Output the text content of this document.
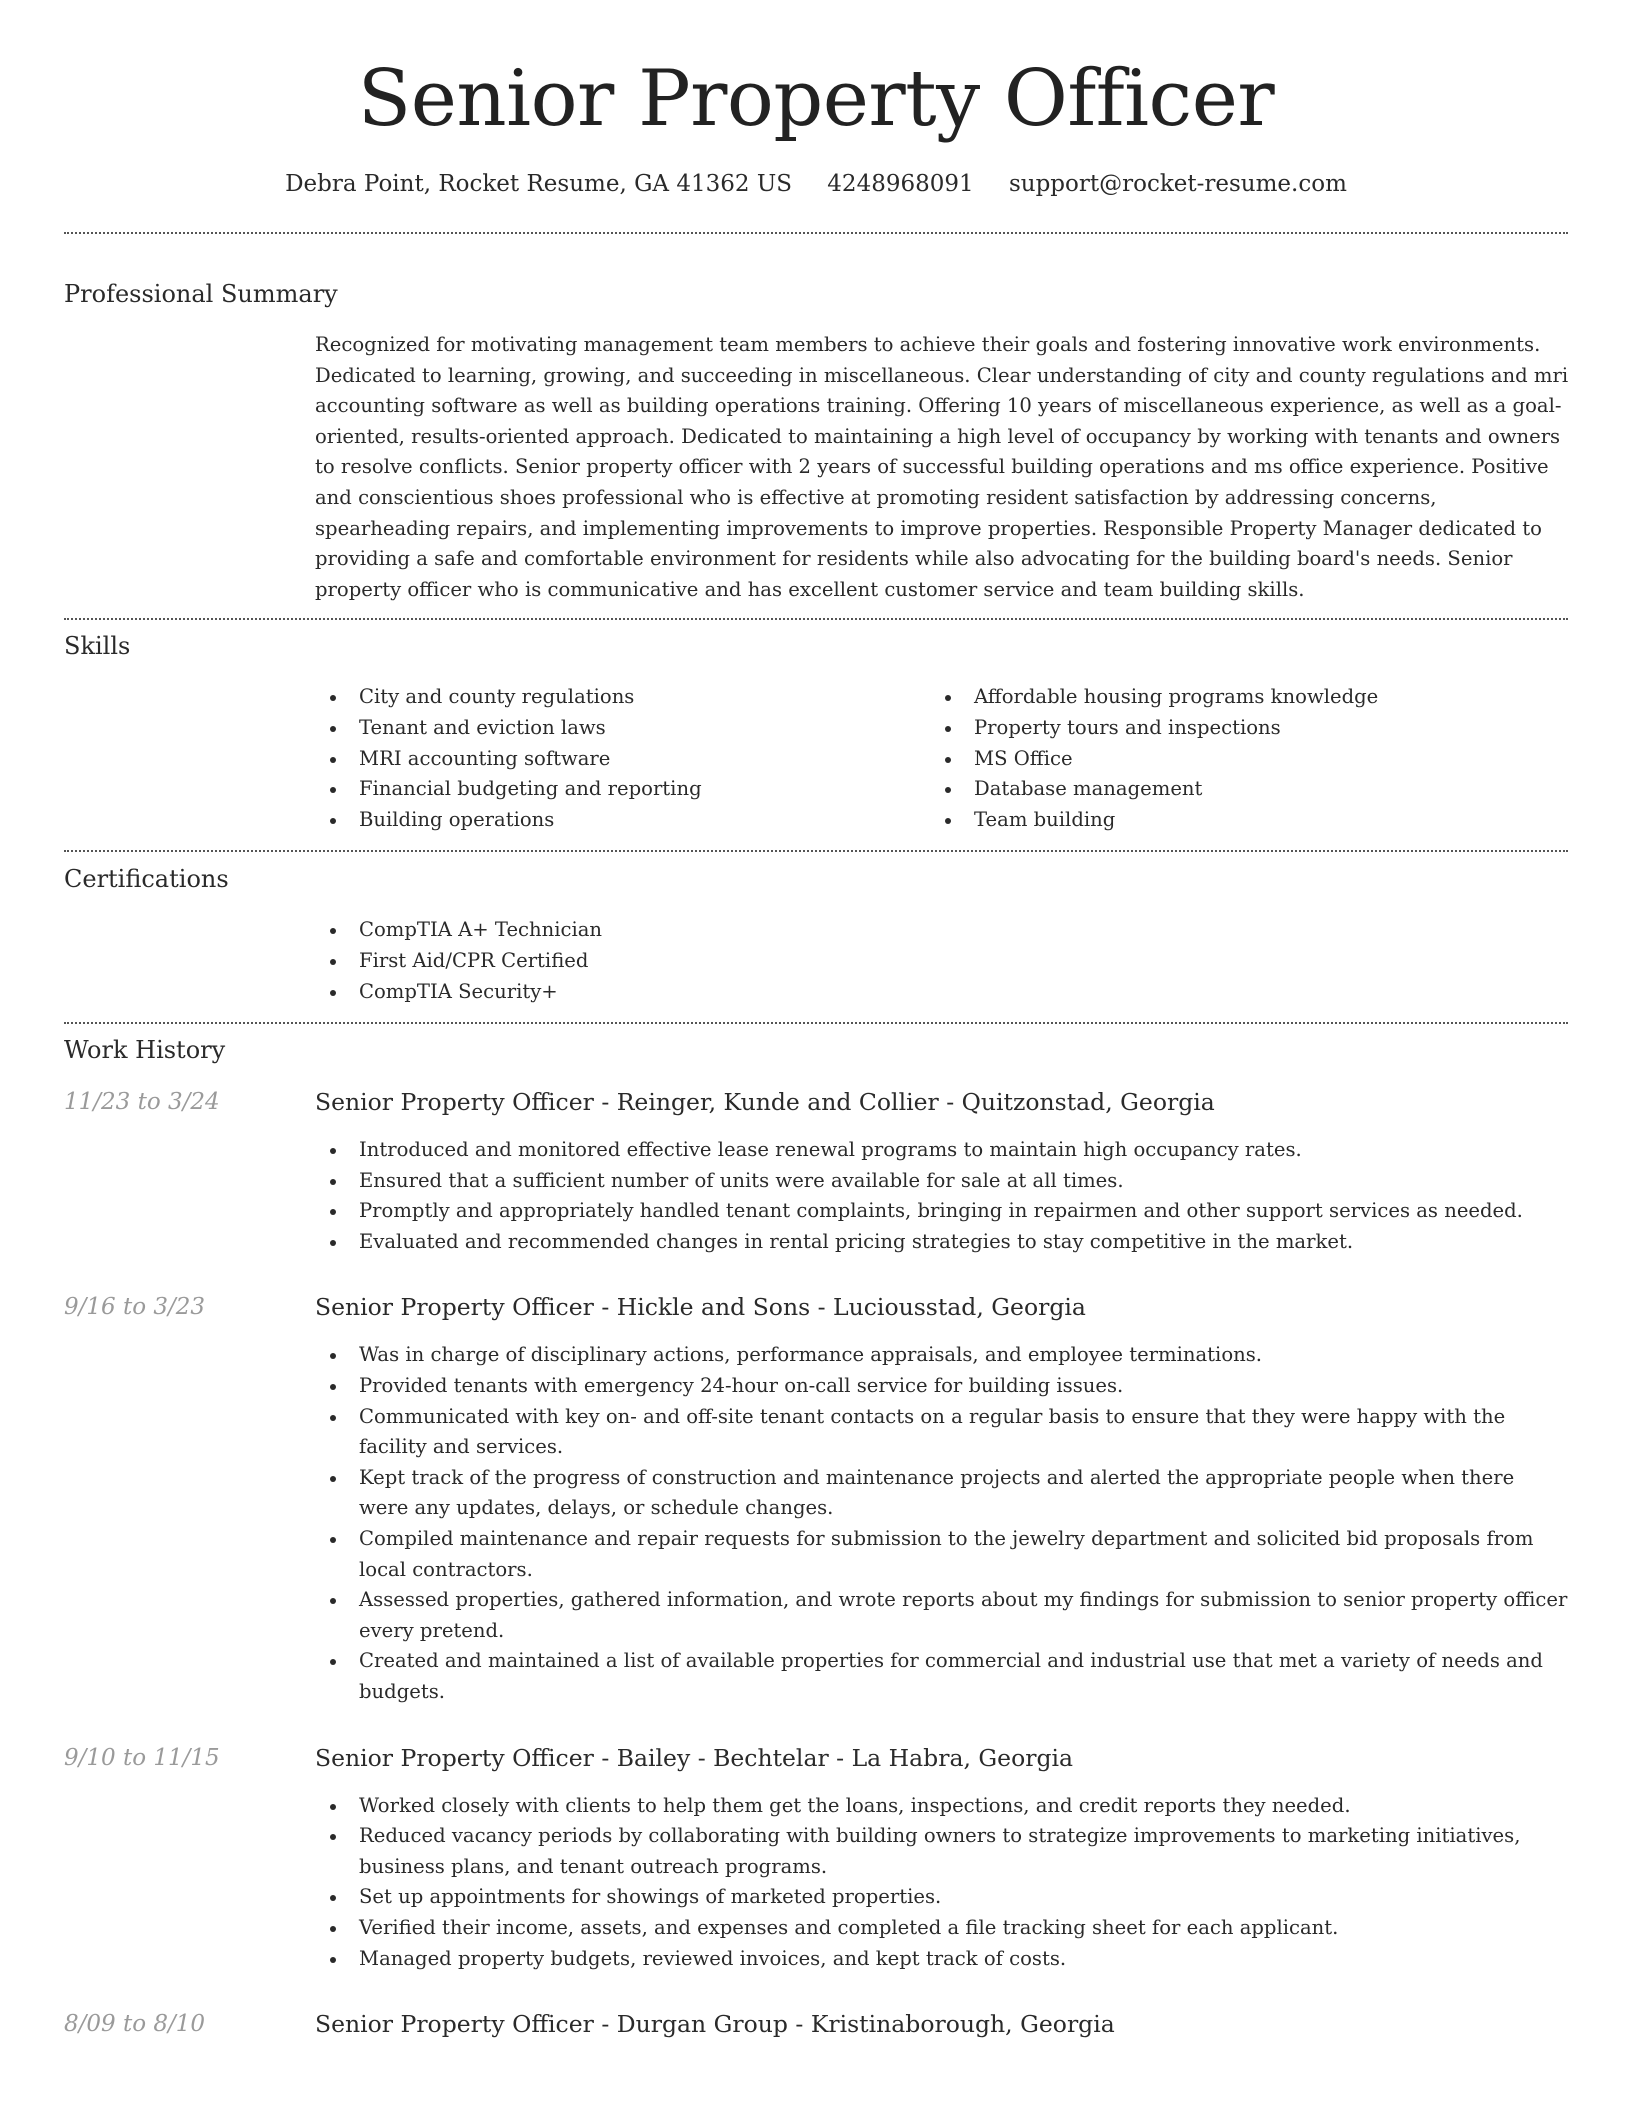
Senior Property Officer
Debra Point, Rocket Resume, GA 41362 US 4248968091 support@rocket-resume.com
Professional Summary

Recognized for motivating management team members to achieve their goals and fostering innovative work environments. Dedicated to learning, growing, and succeeding in miscellaneous. Clear understanding of city and county regulations and mri accounting software as well as building operations training. Offering 10 years of miscellaneous experience, as well as a goal-oriented, results-oriented approach. Dedicated to maintaining a high level of occupancy by working with tenants and owners to resolve conflicts. Senior property officer with 2 years of successful building operations and ms office experience. Positive and conscientious shoes professional who is effective at promoting resident satisfaction by addressing concerns, spearheading repairs, and implementing improvements to improve properties. Responsible Property Manager dedicated to providing a safe and comfortable environment for residents while also advocating for the building board's needs. Senior property officer who is communicative and has excellent customer service and team building skills.

Skills
City and county regulations
Tenant and eviction laws
MRI accounting software
Financial budgeting and reporting
Building operations
Affordable housing programs knowledge
Property tours and inspections
MS Office
Database management
Team building
Certifications
CompTIA A+ Technician
First Aid/CPR Certified
CompTIA Security+
Work History
11/23 to 3/24	Senior Property Officer - Reinger, Kunde and Collier - Quitzonstad, Georgia
Introduced and monitored effective lease renewal programs to maintain high occupancy rates.
Ensured that a sufficient number of units were available for sale at all times.
Promptly and appropriately handled tenant complaints, bringing in repairmen and other support services as needed.
Evaluated and recommended changes in rental pricing strategies to stay competitive in the market.
9/16 to 3/23	Senior Property Officer - Hickle and Sons - Luciousstad, Georgia
Was in charge of disciplinary actions, performance appraisals, and employee terminations.
Provided tenants with emergency 24-hour on-call service for building issues.
Communicated with key on- and off-site tenant contacts on a regular basis to ensure that they were happy with the facility and services.
Kept track of the progress of construction and maintenance projects and alerted the appropriate people when there were any updates, delays, or schedule changes.
Compiled maintenance and repair requests for submission to the jewelry department and solicited bid proposals from local contractors.
Assessed properties, gathered information, and wrote reports about my findings for submission to senior property officer every pretend.
Created and maintained a list of available properties for commercial and industrial use that met a variety of needs and budgets.
9/10 to 11/15	Senior Property Officer - Bailey - Bechtelar - La Habra, Georgia
Worked closely with clients to help them get the loans, inspections, and credit reports they needed.
Reduced vacancy periods by collaborating with building owners to strategize improvements to marketing initiatives, business plans, and tenant outreach programs.
Set up appointments for showings of marketed properties.
Verified their income, assets, and expenses and completed a file tracking sheet for each applicant.
Managed property budgets, reviewed invoices, and kept track of costs.
8/09 to 8/10	Senior Property Officer - Durgan Group - Kristinaborough, Georgia
